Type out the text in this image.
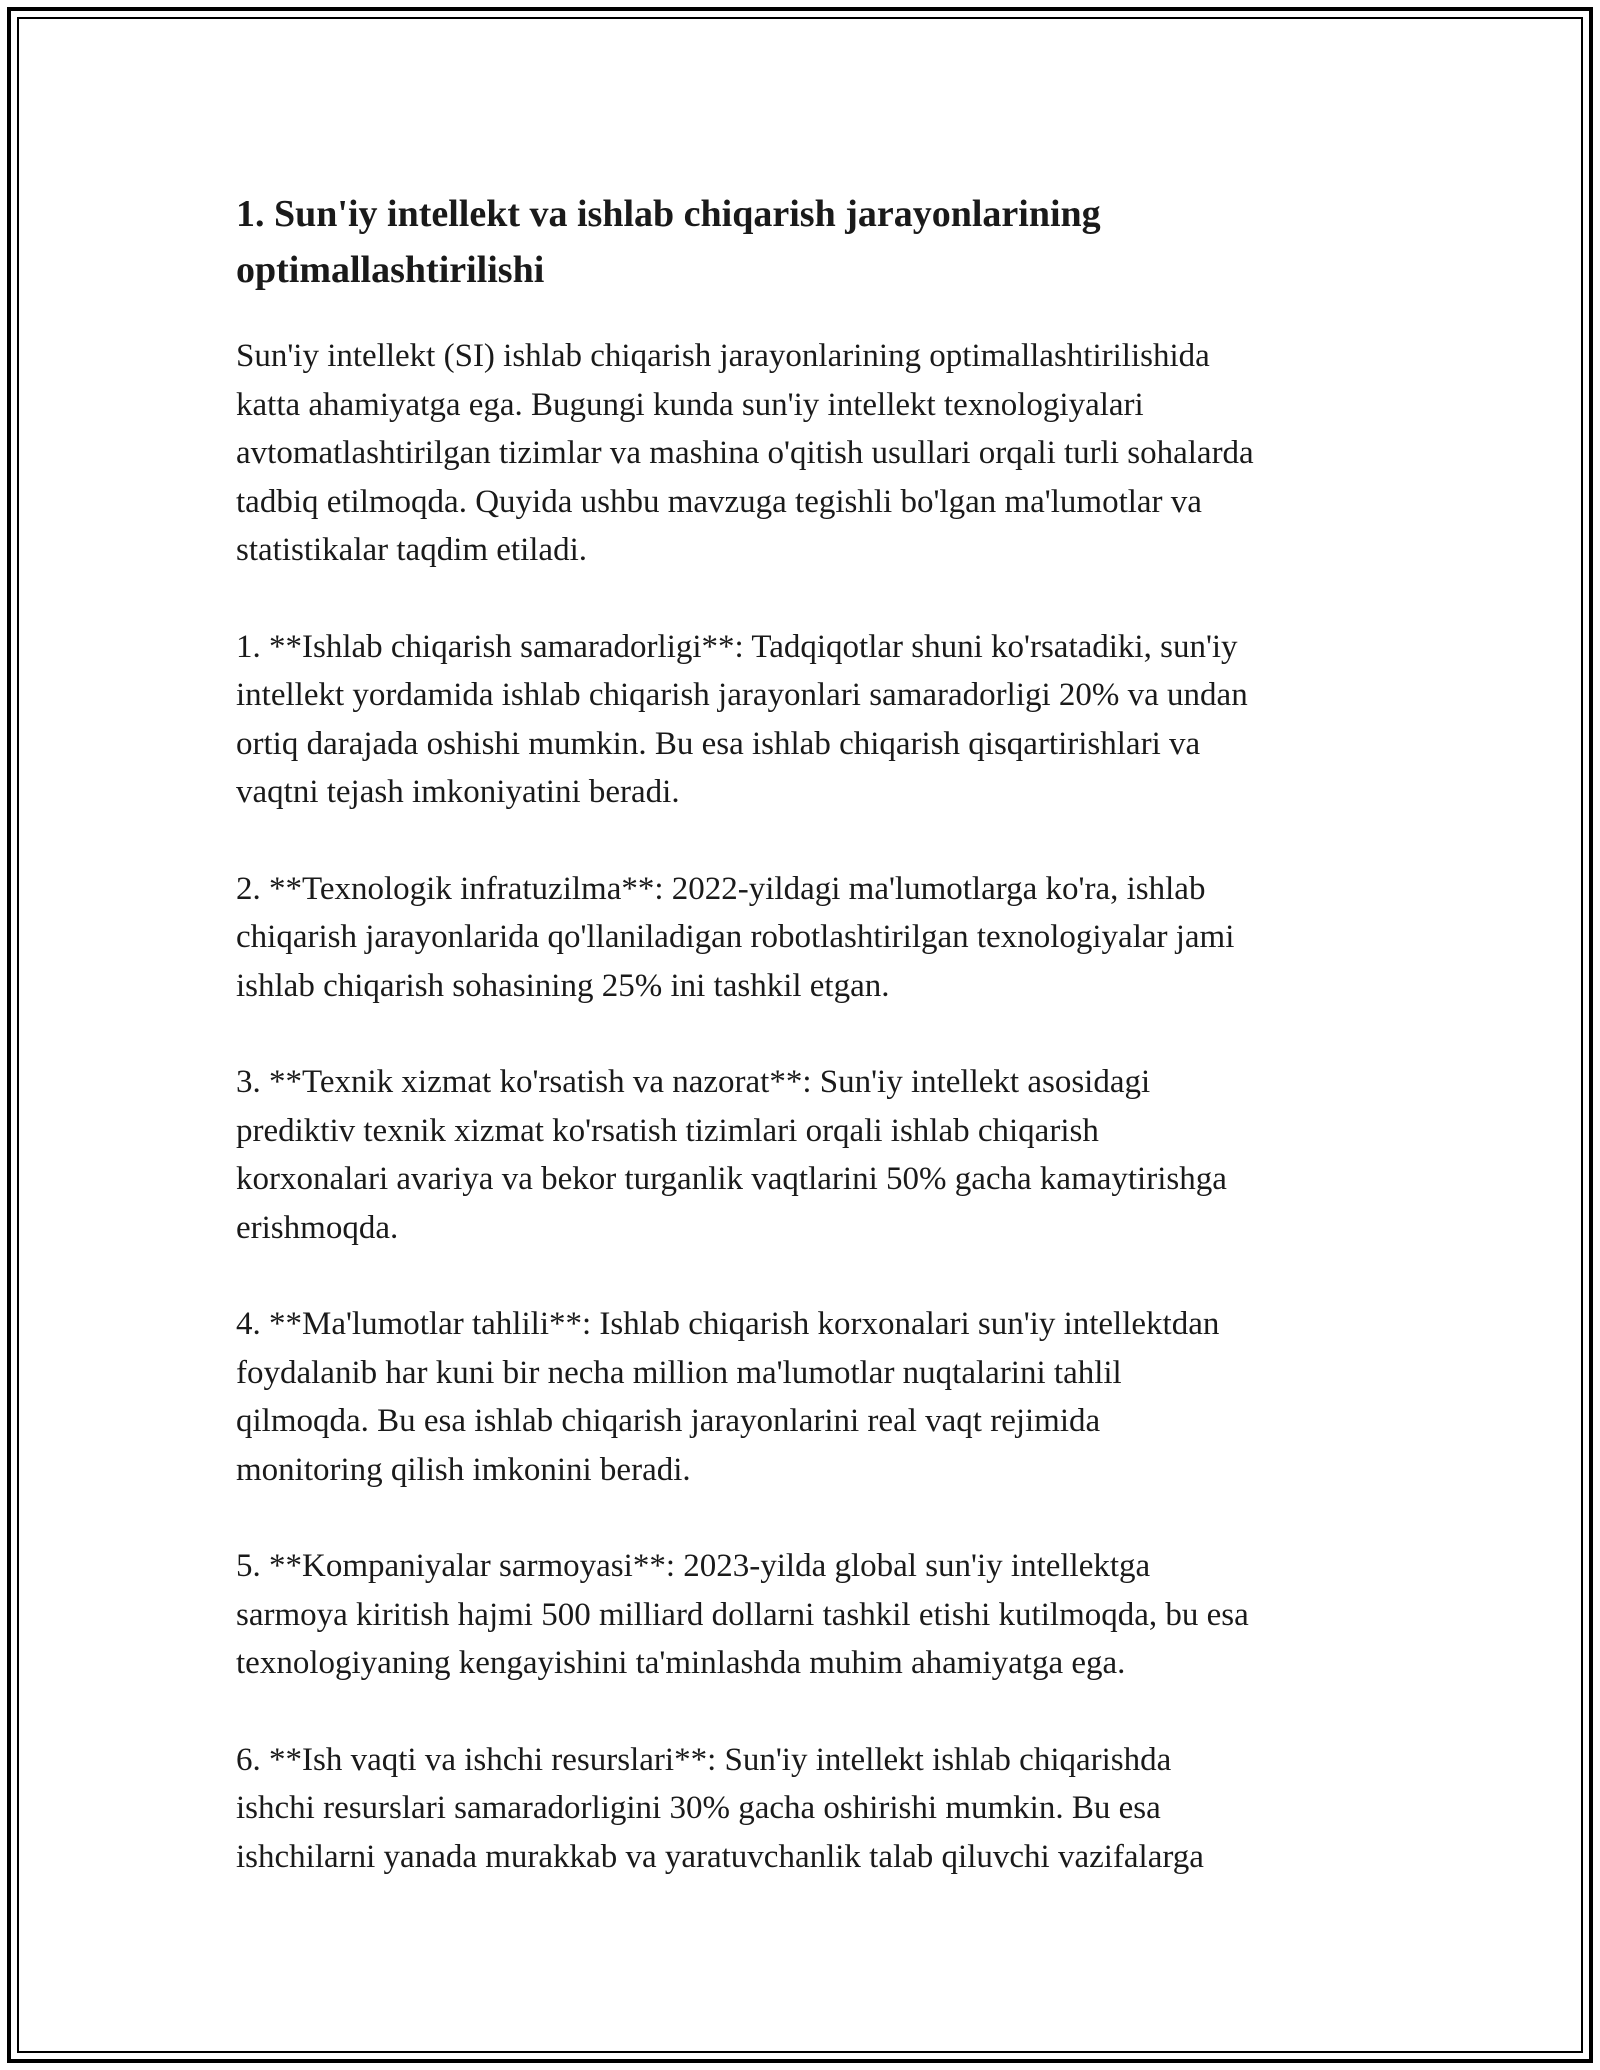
1. Sun'iy intellekt va ishlab chiqarish jarayonlarining optimallashtirilishi

Sun'iy intellekt (SI) ishlab chiqarish jarayonlarining optimallashtirilishida
katta ahamiyatga ega. Bugungi kunda sun'iy intellekt texnologiyalari
avtomatlashtirilgan tizimlar va mashina o'qitish usullari orqali turli sohalarda
tadbiq etilmoqda. Quyida ushbu mavzuga tegishli bo'lgan ma'lumotlar va
statistikalar taqdim etiladi.

1. **Ishlab chiqarish samaradorligi**: Tadqiqotlar shuni ko'rsatadiki, sun'iy
intellekt yordamida ishlab chiqarish jarayonlari samaradorligi 20% va undan
ortiq darajada oshishi mumkin. Bu esa ishlab chiqarish qisqartirishlari va
vaqtni tejash imkoniyatini beradi.

2. **Texnologik infratuzilma**: 2022-yildagi ma'lumotlarga ko'ra, ishlab
chiqarish jarayonlarida qo'llaniladigan robotlashtirilgan texnologiyalar jami
ishlab chiqarish sohasining 25% ini tashkil etgan.

3. **Texnik xizmat ko'rsatish va nazorat**: Sun'iy intellekt asosidagi
prediktiv texnik xizmat ko'rsatish tizimlari orqali ishlab chiqarish
korxonalari avariya va bekor turganlik vaqtlarini 50% gacha kamaytirishga
erishmoqda.

4. **Ma'lumotlar tahlili**: Ishlab chiqarish korxonalari sun'iy intellektdan
foydalanib har kuni bir necha million ma'lumotlar nuqtalarini tahlil
qilmoqda. Bu esa ishlab chiqarish jarayonlarini real vaqt rejimida
monitoring qilish imkonini beradi.

5. **Kompaniyalar sarmoyasi**: 2023-yilda global sun'iy intellektga
sarmoya kiritish hajmi 500 milliard dollarni tashkil etishi kutilmoqda, bu esa
texnologiyaning kengayishini ta'minlashda muhim ahamiyatga ega.

6. **Ish vaqti va ishchi resurslari**: Sun'iy intellekt ishlab chiqarishda
ishchi resurslari samaradorligini 30% gacha oshirishi mumkin. Bu esa
ishchilarni yanada murakkab va yaratuvchanlik talab qiluvchi vazifalarga
